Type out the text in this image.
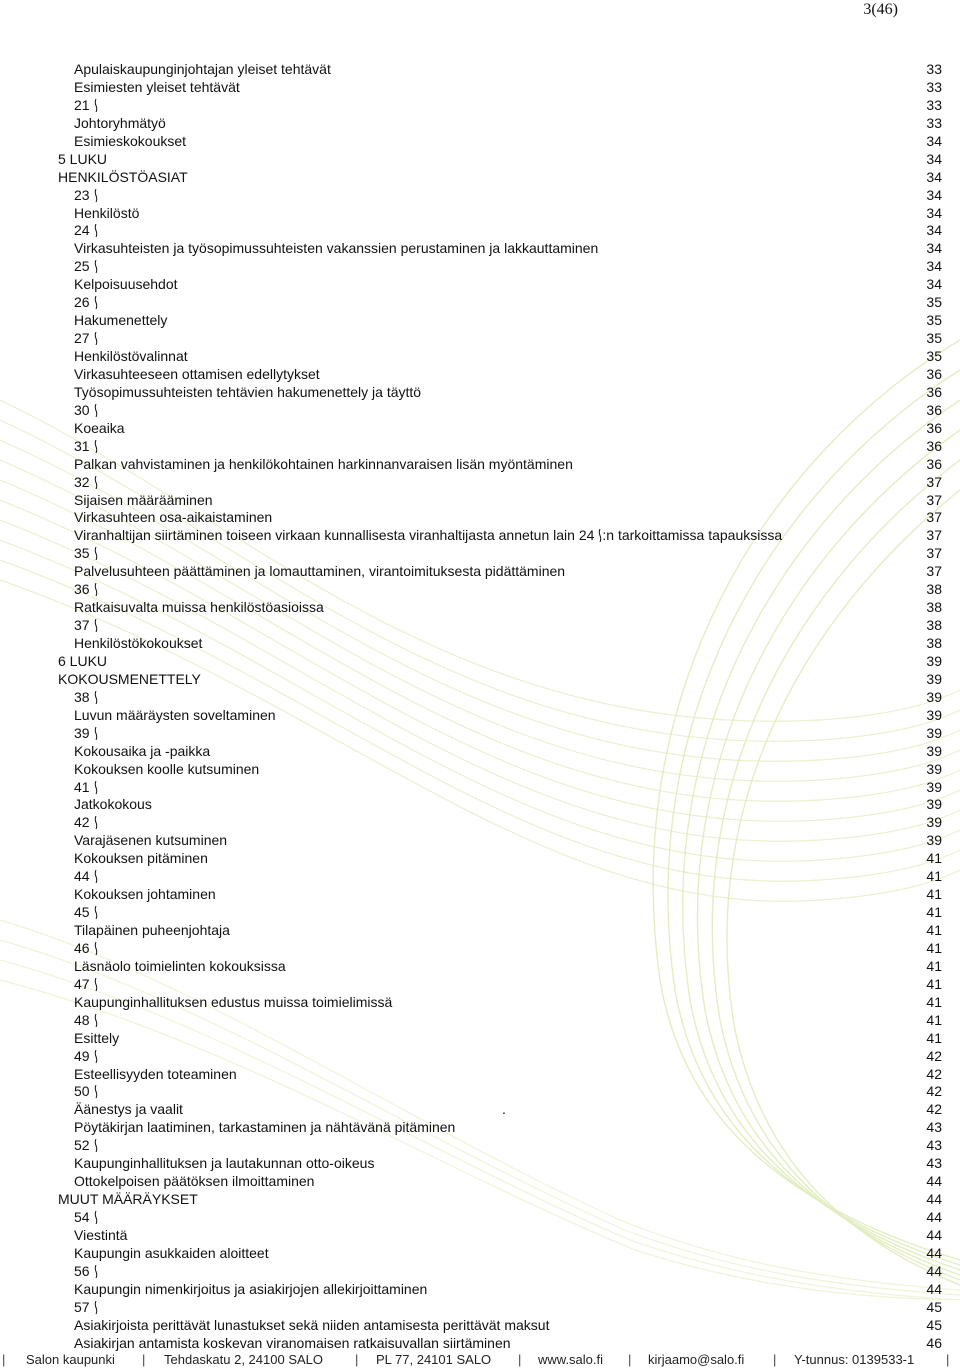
3(46)
Apulaiskaupunginjohtajan yleiset tehtävät	33
Esimiesten yleiset tehtävät	33
21	33
Johtoryhmätyö	33
Esimieskokoukset	34
5 LUKU	34
HENKILÖSTÖASIAT	34
23	34
Henkilöstö	34
24	34
Virkasuhteisten ja työsopimussuhteisten vakanssien perustaminen ja lakkauttaminen	34
25	34
Kelpoisuusehdot	34
26	35
Hakumenettely	35
27	35
Henkilöstövalinnat	35
Virkasuhteeseen ottamisen edellytykset	36
Työsopimussuhteisten tehtävien hakumenettely ja täyttö	36
30	36
Koeaika	36
31	36
Palkan vahvistaminen ja henkilökohtainen harkinnanvaraisen lisän myöntäminen	36
32	37
Sijaisen määrääminen	37
Virkasuhteen osa-aikaistaminen	37
Viranhaltijan siirtäminen toiseen virkaan kunnallisesta viranhaltijasta annetun lain 24 :n tarkoittamissa tapauksissa	37
35	37
Palvelusuhteen päättäminen ja lomauttaminen, virantoimituksesta pidättäminen	37
36	38
Ratkaisuvalta muissa henkilöstöasioissa	38
37	38
Henkilöstökokoukset	38
6 LUKU	39
KOKOUSMENETTELY	39
38	39
Luvun määräysten soveltaminen	39
39	39
Kokousaika ja -paikka	39
Kokouksen koolle kutsuminen	39
41	39
Jatkokokous	39
42	39
Varajäsenen kutsuminen	39
Kokouksen pitäminen	41
44	41
Kokouksen johtaminen	41
45	41
Tilapäinen puheenjohtaja	41
46	41
Läsnäolo toimielinten kokouksissa	41
47	41
Kaupunginhallituksen edustus muissa toimielimissä	41
48	41
Esittely	41
49	42
Esteellisyyden toteaminen	42
50	42
Äänestys ja vaalit	.	42
Pöytäkirjan laatiminen, tarkastaminen ja nähtävänä pitäminen	43
52	43
Kaupunginhallituksen ja lautakunnan otto-oikeus	43
Ottokelpoisen päätöksen ilmoittaminen	44
MUUT MÄÄRÄYKSET	44
54	44
Viestintä	44
Kaupungin asukkaiden aloitteet	44
56	44
Kaupungin nimenkirjoitus ja asiakirjojen allekirjoittaminen	44
57	45
Asiakirjoista perittävät lunastukset sekä niiden antamisesta perittävät maksut	45
Asiakirjan antamista koskevan viranomaisen ratkaisuvallan siirtäminen	46
| Salon kaupunki | Tehdaskatu 2, 24100 SALO | PL 77, 24101 SALO | www.salo.fi | kirjaamo@salo.fi | Y-tunnus: 0139533-1 |
